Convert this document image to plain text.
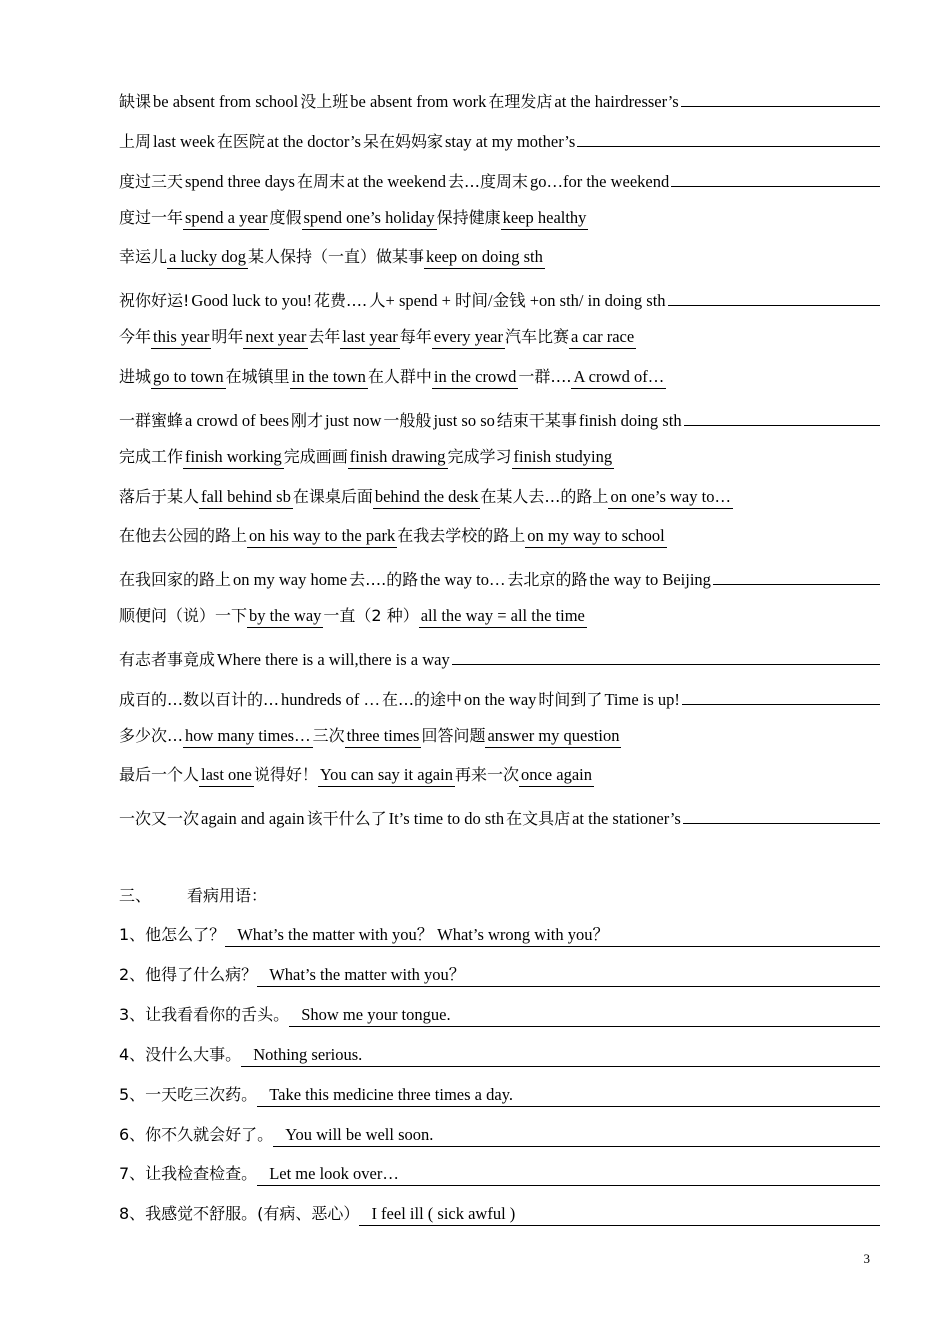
缺课 be absent from school 没上班 be absent from work 在理发店 at the hairdresser’s
上周 last week 在医院 at the doctor’s 呆在妈妈家 stay at my mother’s
度过三天 spend three days 在周末 at the weekend 去…度周末 go…for the weekend
度过一年 spend a year 度假 spend one’s holiday 保持健康 keep healthy
幸运儿 a lucky dog 某人保持（一直）做某事 keep on doing sth
祝你好运! Good luck to you! 花费…. 人+ spend + 时间/金钱 +on sth/ in doing sth
今年 this year 明年 next year 去年 last year 每年 every year 汽车比赛 a car race
进城 go to town 在城镇里 in the town 在人群中 in the crowd 一群…. A crowd of…
一群蜜蜂 a crowd of bees 刚才 just now 一般般 just so so 结束干某事 finish doing sth
完成工作 finish working 完成画画 finish drawing 完成学习 finish studying
落后于某人 fall behind sb 在课桌后面 behind the desk 在某人去…的路上 on one’s way to…
在他去公园的路上 on his way to the park 在我去学校的路上 on my way to school
在我回家的路上 on my way home 去….的路 the way to… 去北京的路 the way to Beijing
顺便问（说）一下 by the way 一直（2 种） all the way = all the time
有志者事竟成 Where there is a will,there is a way
成百的…数以百计的… hundreds of … 在…的途中 on the way 时间到了 Time is up!
多少次… how many times… 三次 three times 回答问题 answer my question
最后一个人 last one 说得好！ You can say it again 再来一次 once again
一次又一次 again and again 该干什么了 It’s time to do sth 在文具店 at the stationer’s
三、 看病用语：
1、他怎么了？ What’s the matter with you？ What’s wrong with you？
2、他得了什么病？ What’s the matter with you？
3、让我看看你的舌头。 Show me your tongue.
4、没什么大事。 Nothing serious.
5、一天吃三次药。 Take this medicine three times a day.
6、你不久就会好了。 You will be well soon.
7、让我检查检查。 Let me look over…
8、我感觉不舒服。(有病、恶心） I feel ill ( sick awful )
3
